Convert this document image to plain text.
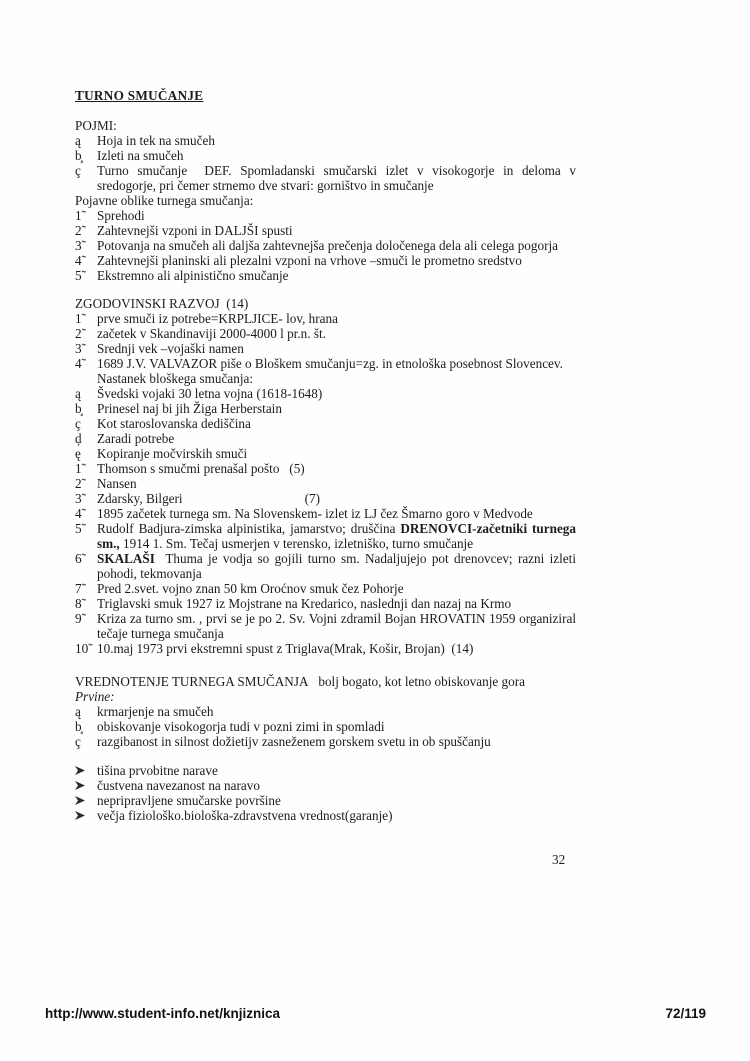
TURNO SMUČANJE
POJMI:
ą	Hoja in tek na smučeh
b̧	Izleti na smučeh
ç	Turno smučanje  DEF. Spomladanski smučarski izlet v visokogorje in deloma v sredogorje, pri čemer strnemo dve stvari: gorništvo in smučanje
Pojavne oblike turnega smučanja:
1̃	Sprehodi
2̃	Zahtevnejši vzponi in DALJŠI spusti
3̃	Potovanja na smučeh ali daljša zahtevnejša prečenja določenega dela ali celega pogorja
4̃	Zahtevnejši planinski ali plezalni vzponi na vrhove –smuči le prometno sredstvo
5̃	Ekstremno ali alpinistično smučanje
ZGODOVINSKI RAZVOJ  (14)
1̃	prve smuči iz potrebe=KRPLJICE- lov, hrana
2̃	začetek v Skandinaviji 2000-4000 l pr.n. št.
3̃	Srednji vek –vojaški namen
4̃	1689 J.V. VALVAZOR piše o Bloškem smučanju=zg. in etnološka posebnost Slovencev. Nastanek bloškega smučanja:
ą	Švedski vojaki 30 letna vojna (1618-1648)
b̧	Prinesel naj bi jih Žiga Herberstain
ç	Kot staroslovanska dediščina
ḑ	Zaradi potrebe
ę	Kopiranje močvirskih smuči
1̃	Thomson s smučmi prenašal pošto   (5)
2̃	Nansen
3̃	Zdarsky, Bilgeri	(7)
4̃	1895 začetek turnega sm. Na Slovenskem- izlet iz LJ čez Šmarno goro v Medvode
5̃	Rudolf Badjura-zimska alpinistika, jamarstvo; druščina DRENOVCI-začetniki turnega sm., 1914 1. Sm. Tečaj usmerjen v terensko, izletniško, turno smučanje
6̃	SKALAŠI  Thuma je vodja so gojili turno sm. Nadaljujejo pot drenovcev; razni izleti pohodi, tekmovanja
7̃	Pred 2.svet. vojno znan 50 km Oroćnov smuk čez Pohorje
8̃	Triglavski smuk 1927 iz Mojstrane na Kredarico, naslednji dan nazaj na Krmo
9̃	Kriza za turno sm. , prvi se je po 2. Sv. Vojni zdramil Bojan HROVATIN 1959 organiziral tečaje turnega smučanja
10̃ 10.maj 1973 prvi ekstremni spust z Triglava(Mrak, Košir, Brojan)  (14)
VREDNOTENJE TURNEGA SMUČANJA   bolj bogato, kot letno obiskovanje gora
Prvine:
ą	krmarjenje na smučeh
b̧	obiskovanje visokogorja tudi v pozni zimi in spomladi
ç	razgibanost in silnost dožietijv zasneženem gorskem svetu in ob spuščanju
tišina prvobitne narave
čustvena navezanost na naravo
nepripravljene smučarske površine
večja fiziološko.biološka-zdravstvena vrednost(garanje)
32
http://www.student-info.net/knjiznica	72/119
